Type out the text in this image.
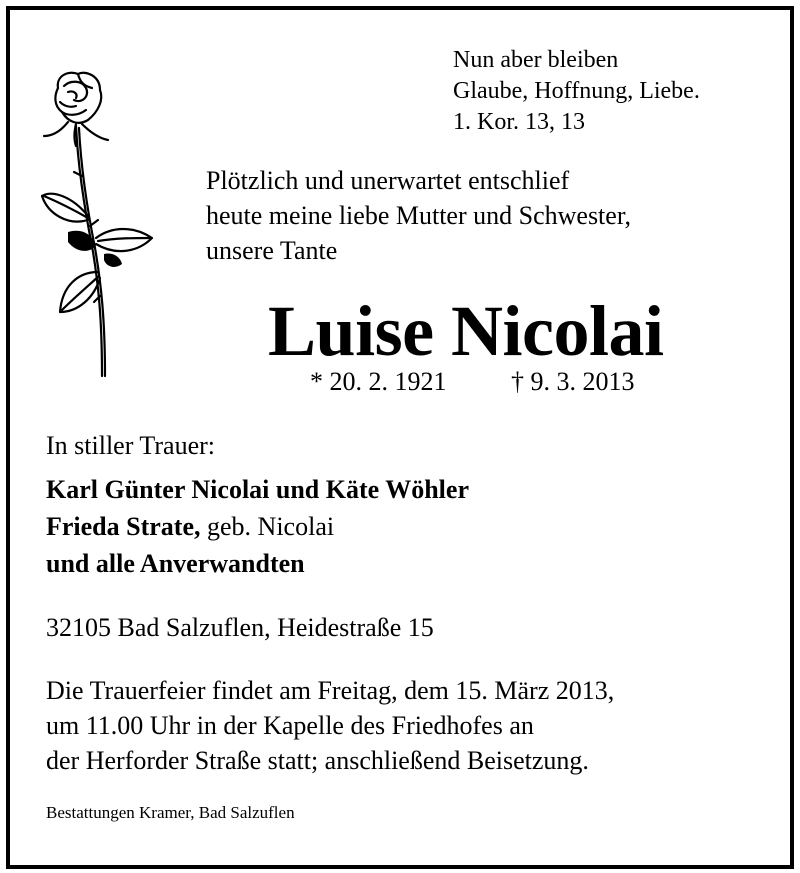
Nun aber bleiben
Glaube, Hoffnung, Liebe.
1. Kor. 13, 13
Plötzlich und unerwartet entschlief
heute meine liebe Mutter und Schwester,
unsere Tante
Luise Nicolai
* 20. 2. 1921 † 9. 3. 2013
In stiller Trauer:
Karl Günter Nicolai und Käte Wöhler
Frieda Strate, geb. Nicolai
und alle Anverwandten
32105 Bad Salzuflen, Heidestraße 15
Die Trauerfeier findet am Freitag, dem 15. März 2013,
um 11.00 Uhr in der Kapelle des Friedhofes an
der Herforder Straße statt; anschließend Beisetzung.
Bestattungen Kramer, Bad Salzuflen
